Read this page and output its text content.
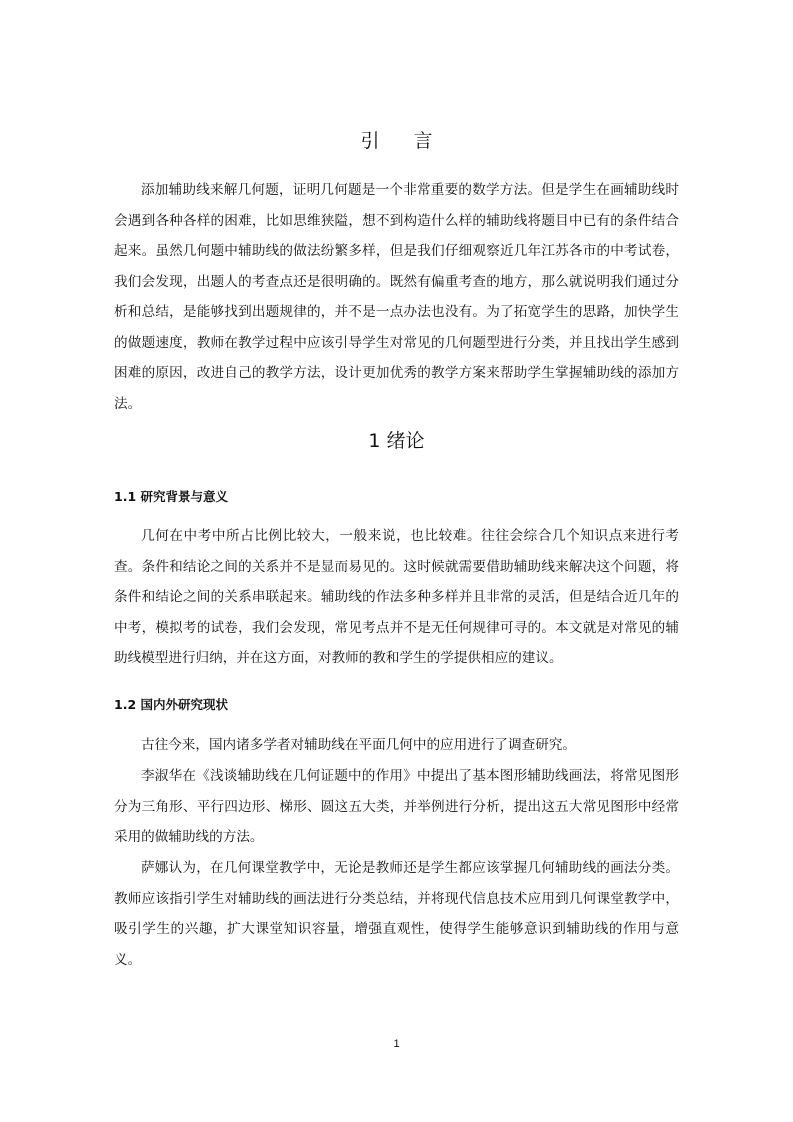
引 言

添加辅助线来解几何题，证明几何题是一个非常重要的数学方法。但是学生在画辅助线时会遇到各种各样的困难，比如思维狭隘，想不到构造什么样的辅助线将题目中已有的条件结合起来。虽然几何题中辅助线的做法纷繁多样，但是我们仔细观察近几年江苏各市的中考试卷，我们会发现，出题人的考查点还是很明确的。既然有偏重考查的地方，那么就说明我们通过分析和总结，是能够找到出题规律的，并不是一点办法也没有。为了拓宽学生的思路，加快学生的做题速度，教师在教学过程中应该引导学生对常见的几何题型进行分类，并且找出学生感到困难的原因，改进自己的教学方法，设计更加优秀的教学方案来帮助学生掌握辅助线的添加方法。

1 绪论
1.1 研究背景与意义

几何在中考中所占比例比较大，一般来说，也比较难。往往会综合几个知识点来进行考查。条件和结论之间的关系并不是显而易见的。这时候就需要借助辅助线来解决这个问题，将条件和结论之间的关系串联起来。辅助线的作法多种多样并且非常的灵活，但是结合近几年的中考，模拟考的试卷，我们会发现，常见考点并不是无任何规律可寻的。本文就是对常见的辅助线模型进行归纳，并在这方面，对教师的教和学生的学提供相应的建议。

1.2 国内外研究现状

古往今来，国内诸多学者对辅助线在平面几何中的应用进行了调查研究。

李淑华在《浅谈辅助线在几何证题中的作用》中提出了基本图形辅助线画法，将常见图形分为三角形、平行四边形、梯形、圆这五大类，并举例进行分析，提出这五大常见图形中经常采用的做辅助线的方法。

萨娜认为，在几何课堂教学中，无论是教师还是学生都应该掌握几何辅助线的画法分类。教师应该指引学生对辅助线的画法进行分类总结，并将现代信息技术应用到几何课堂教学中，吸引学生的兴趣，扩大课堂知识容量，增强直观性，使得学生能够意识到辅助线的作用与意义。

1
